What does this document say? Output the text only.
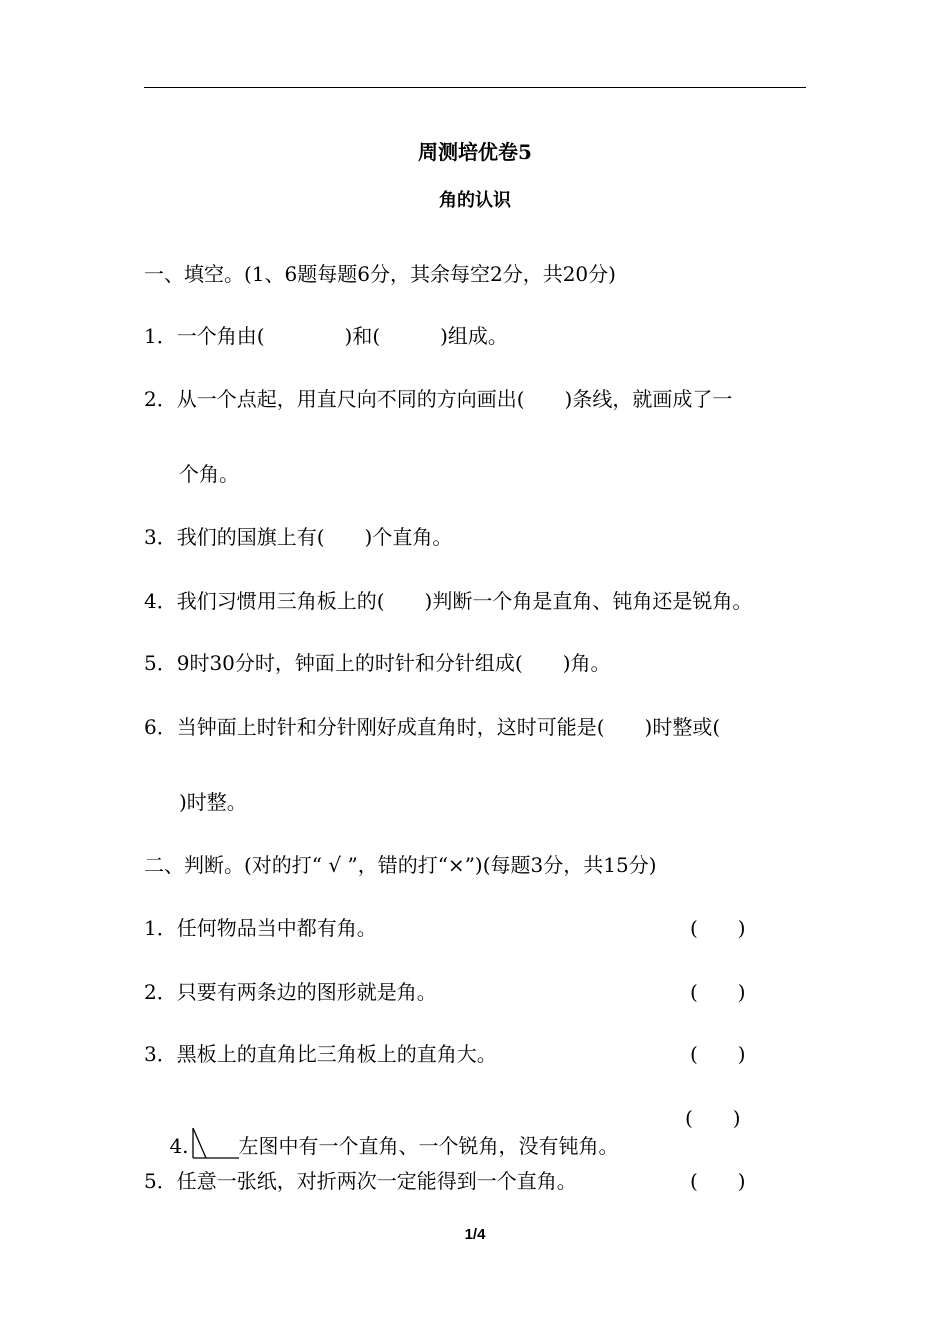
周测培优卷5
角的认识
一、填空。(1、6题每题6分，其余每空2分，共20分)
1．一个角由(　　　　)和(　　　)组成。
2．从一个点起，用直尺向不同的方向画出(　　)条线，就画成了一
个角。
3．我们的国旗上有(　　)个直角。
4．我们习惯用三角板上的(　　)判断一个角是直角、钝角还是锐角。
5．9时30分时，钟面上的时针和分针组成(　　)角。
6．当钟面上时针和分针刚好成直角时，这时可能是(　　)时整或(
)时整。
二、判断。(对的打“ √ ”，错的打“×”)(每题3分，共15分)
1．任何物品当中都有角。	(　　)
2．只要有两条边的图形就是角。	(　　)
3．黑板上的直角比三角板上的直角大。	(　　)

4.	左图中有一个直角、一个锐角，没有钝角。

(　　)
5．任意一张纸，对折两次一定能得到一个直角。	(　　)
1/4
